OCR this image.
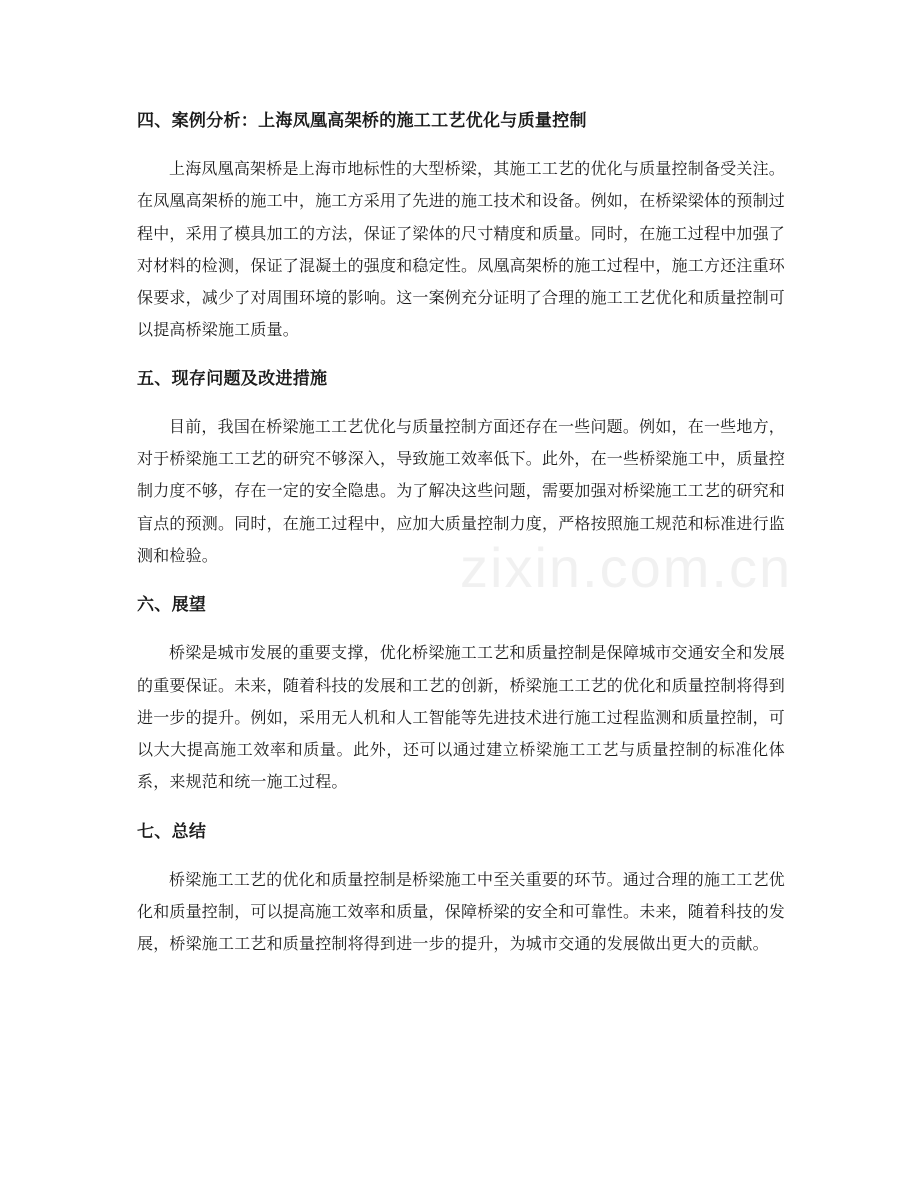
四、案例分析：上海凤凰高架桥的施工工艺优化与质量控制

上海凤凰高架桥是上海市地标性的大型桥梁，其施工工艺的优化与质量控制备受关注。在凤凰高架桥的施工中，施工方采用了先进的施工技术和设备。例如，在桥梁梁体的预制过程中，采用了模具加工的方法，保证了梁体的尺寸精度和质量。同时，在施工过程中加强了对材料的检测，保证了混凝土的强度和稳定性。凤凰高架桥的施工过程中，施工方还注重环保要求，减少了对周围环境的影响。这一案例充分证明了合理的施工工艺优化和质量控制可以提高桥梁施工质量。

五、现存问题及改进措施

目前，我国在桥梁施工工艺优化与质量控制方面还存在一些问题。例如，在一些地方，对于桥梁施工工艺的研究不够深入，导致施工效率低下。此外，在一些桥梁施工中，质量控制力度不够，存在一定的安全隐患。为了解决这些问题，需要加强对桥梁施工工艺的研究和盲点的预测。同时，在施工过程中，应加大质量控制力度，严格按照施工规范和标准进行监测和检验。

六、展望

桥梁是城市发展的重要支撑，优化桥梁施工工艺和质量控制是保障城市交通安全和发展的重要保证。未来，随着科技的发展和工艺的创新，桥梁施工工艺的优化和质量控制将得到进一步的提升。例如，采用无人机和人工智能等先进技术进行施工过程监测和质量控制，可以大大提高施工效率和质量。此外，还可以通过建立桥梁施工工艺与质量控制的标准化体系，来规范和统一施工过程。

七、总结

桥梁施工工艺的优化和质量控制是桥梁施工中至关重要的环节。通过合理的施工工艺优化和质量控制，可以提高施工效率和质量，保障桥梁的安全和可靠性。未来，随着科技的发展，桥梁施工工艺和质量控制将得到进一步的提升，为城市交通的发展做出更大的贡献。

zixin.com.cn
